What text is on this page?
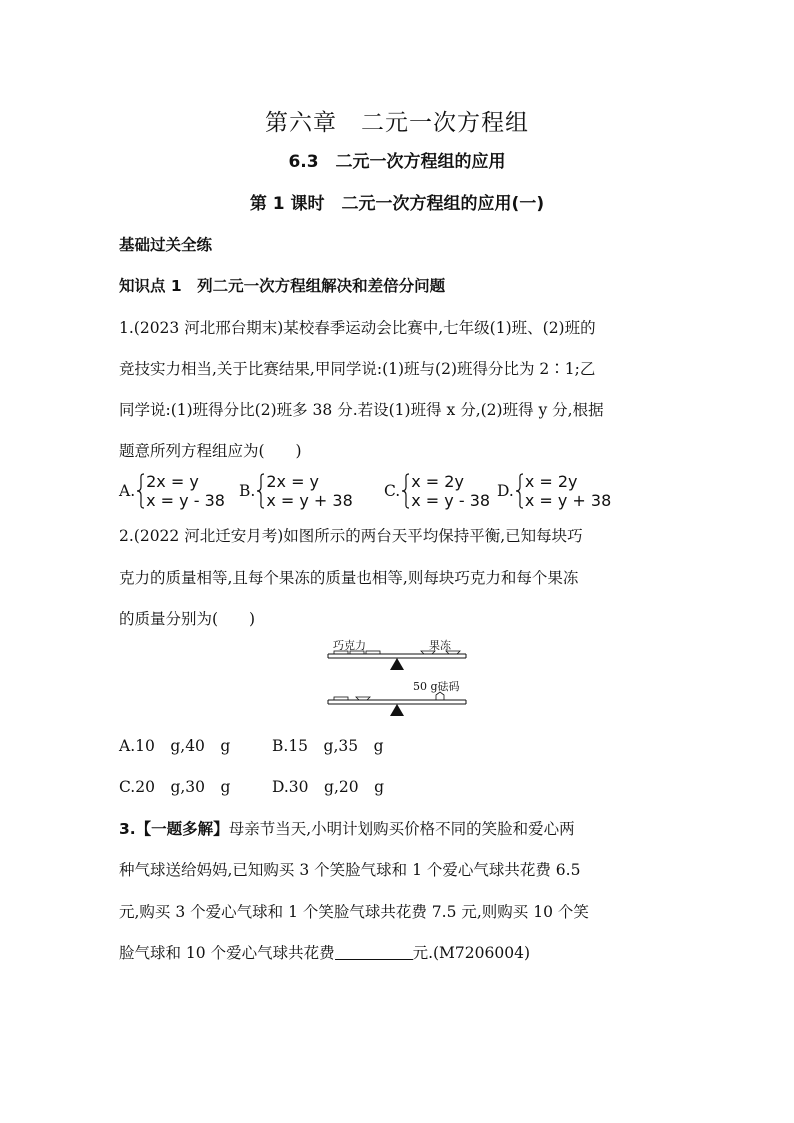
第六章　二元一次方程组
6.3　二元一次方程组的应用
第 1 课时　二元一次方程组的应用(一)
基础过关全练
知识点 1　列二元一次方程组解决和差倍分问题
1.(2023 河北邢台期末)某校春季运动会比赛中,七年级(1)班、(2)班的
竞技实力相当,关于比赛结果,甲同学说:(1)班与(2)班得分比为 2∶1;乙
同学说:(1)班得分比(2)班多 38 分.若设(1)班得 x 分,(2)班得 y 分,根据
题意所列方程组应为(　　)
A. 2x = y
x = y - 38 B. 2x = y
x = y + 38 C. x = 2y
x = y - 38 D. x = 2y
x = y + 38
2.(2022 河北迁安月考)如图所示的两台天平均保持平衡,已知每块巧
克力的质量相等,且每个果冻的质量也相等,则每块巧克力和每个果冻
的质量分别为(　　)
巧克力	果冻
50 g砝码
A.10　g,40　g	B.15　g,35　g
C.20　g,30　g	D.30　g,20　g
3.【一题多解】母亲节当天,小明计划购买价格不同的笑脸和爱心两
种气球送给妈妈,已知购买 3 个笑脸气球和 1 个爱心气球共花费 6.5
元,购买 3 个爱心气球和 1 个笑脸气球共花费 7.5 元,则购买 10 个笑
脸气球和 10 个爱心气球共花费	元.(M7206004)
